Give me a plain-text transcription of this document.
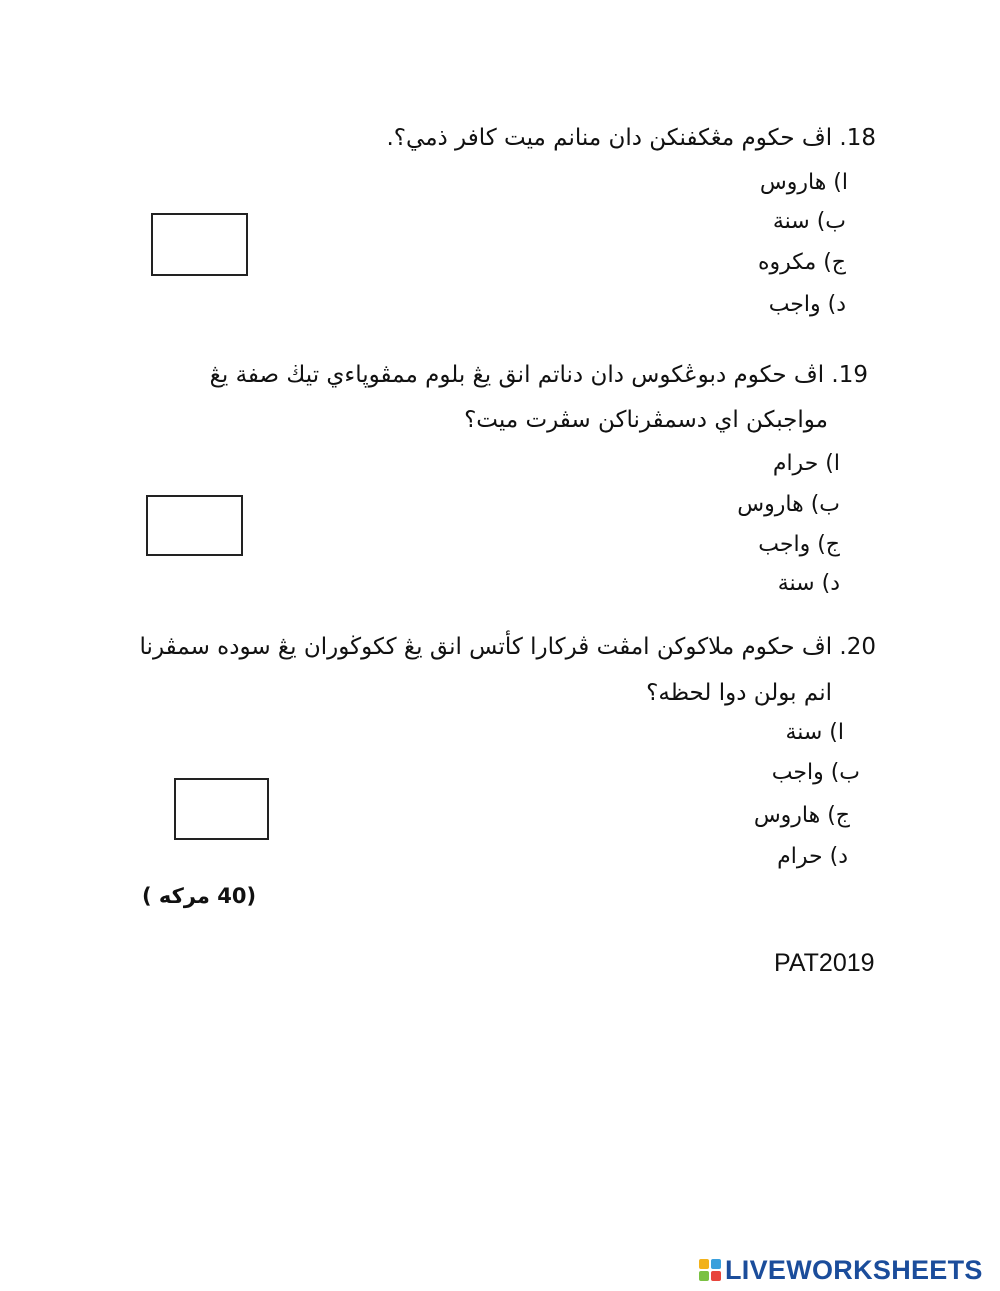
18. اڤ حكوم مڠكفنكن دان منانم ميت كافر ذمي؟.
ا) هاروس
ب) سنة
ج) مكروه
د) واجب
19. اڤ حكوم دبوڠكوس دان دناتم انق يڠ بلوم ممڤوڽاءي تيڬ صفة يڠ
مواجبكن اي دسمڤرناكن سڤرت ميت؟
ا) حرام
ب) هاروس
ج) واجب
د) سنة
20. اڤ حكوم ملاكوكن امڤت ڤركارا كأتس انق يڠ ككوڬوران يڠ سوده سمڤرنا
انم بولن دوا لحظه؟
ا) سنة
ب) واجب
ج) هاروس
د) حرام
(40 مركه )
PAT2019
LIVEWORKSHEETS
